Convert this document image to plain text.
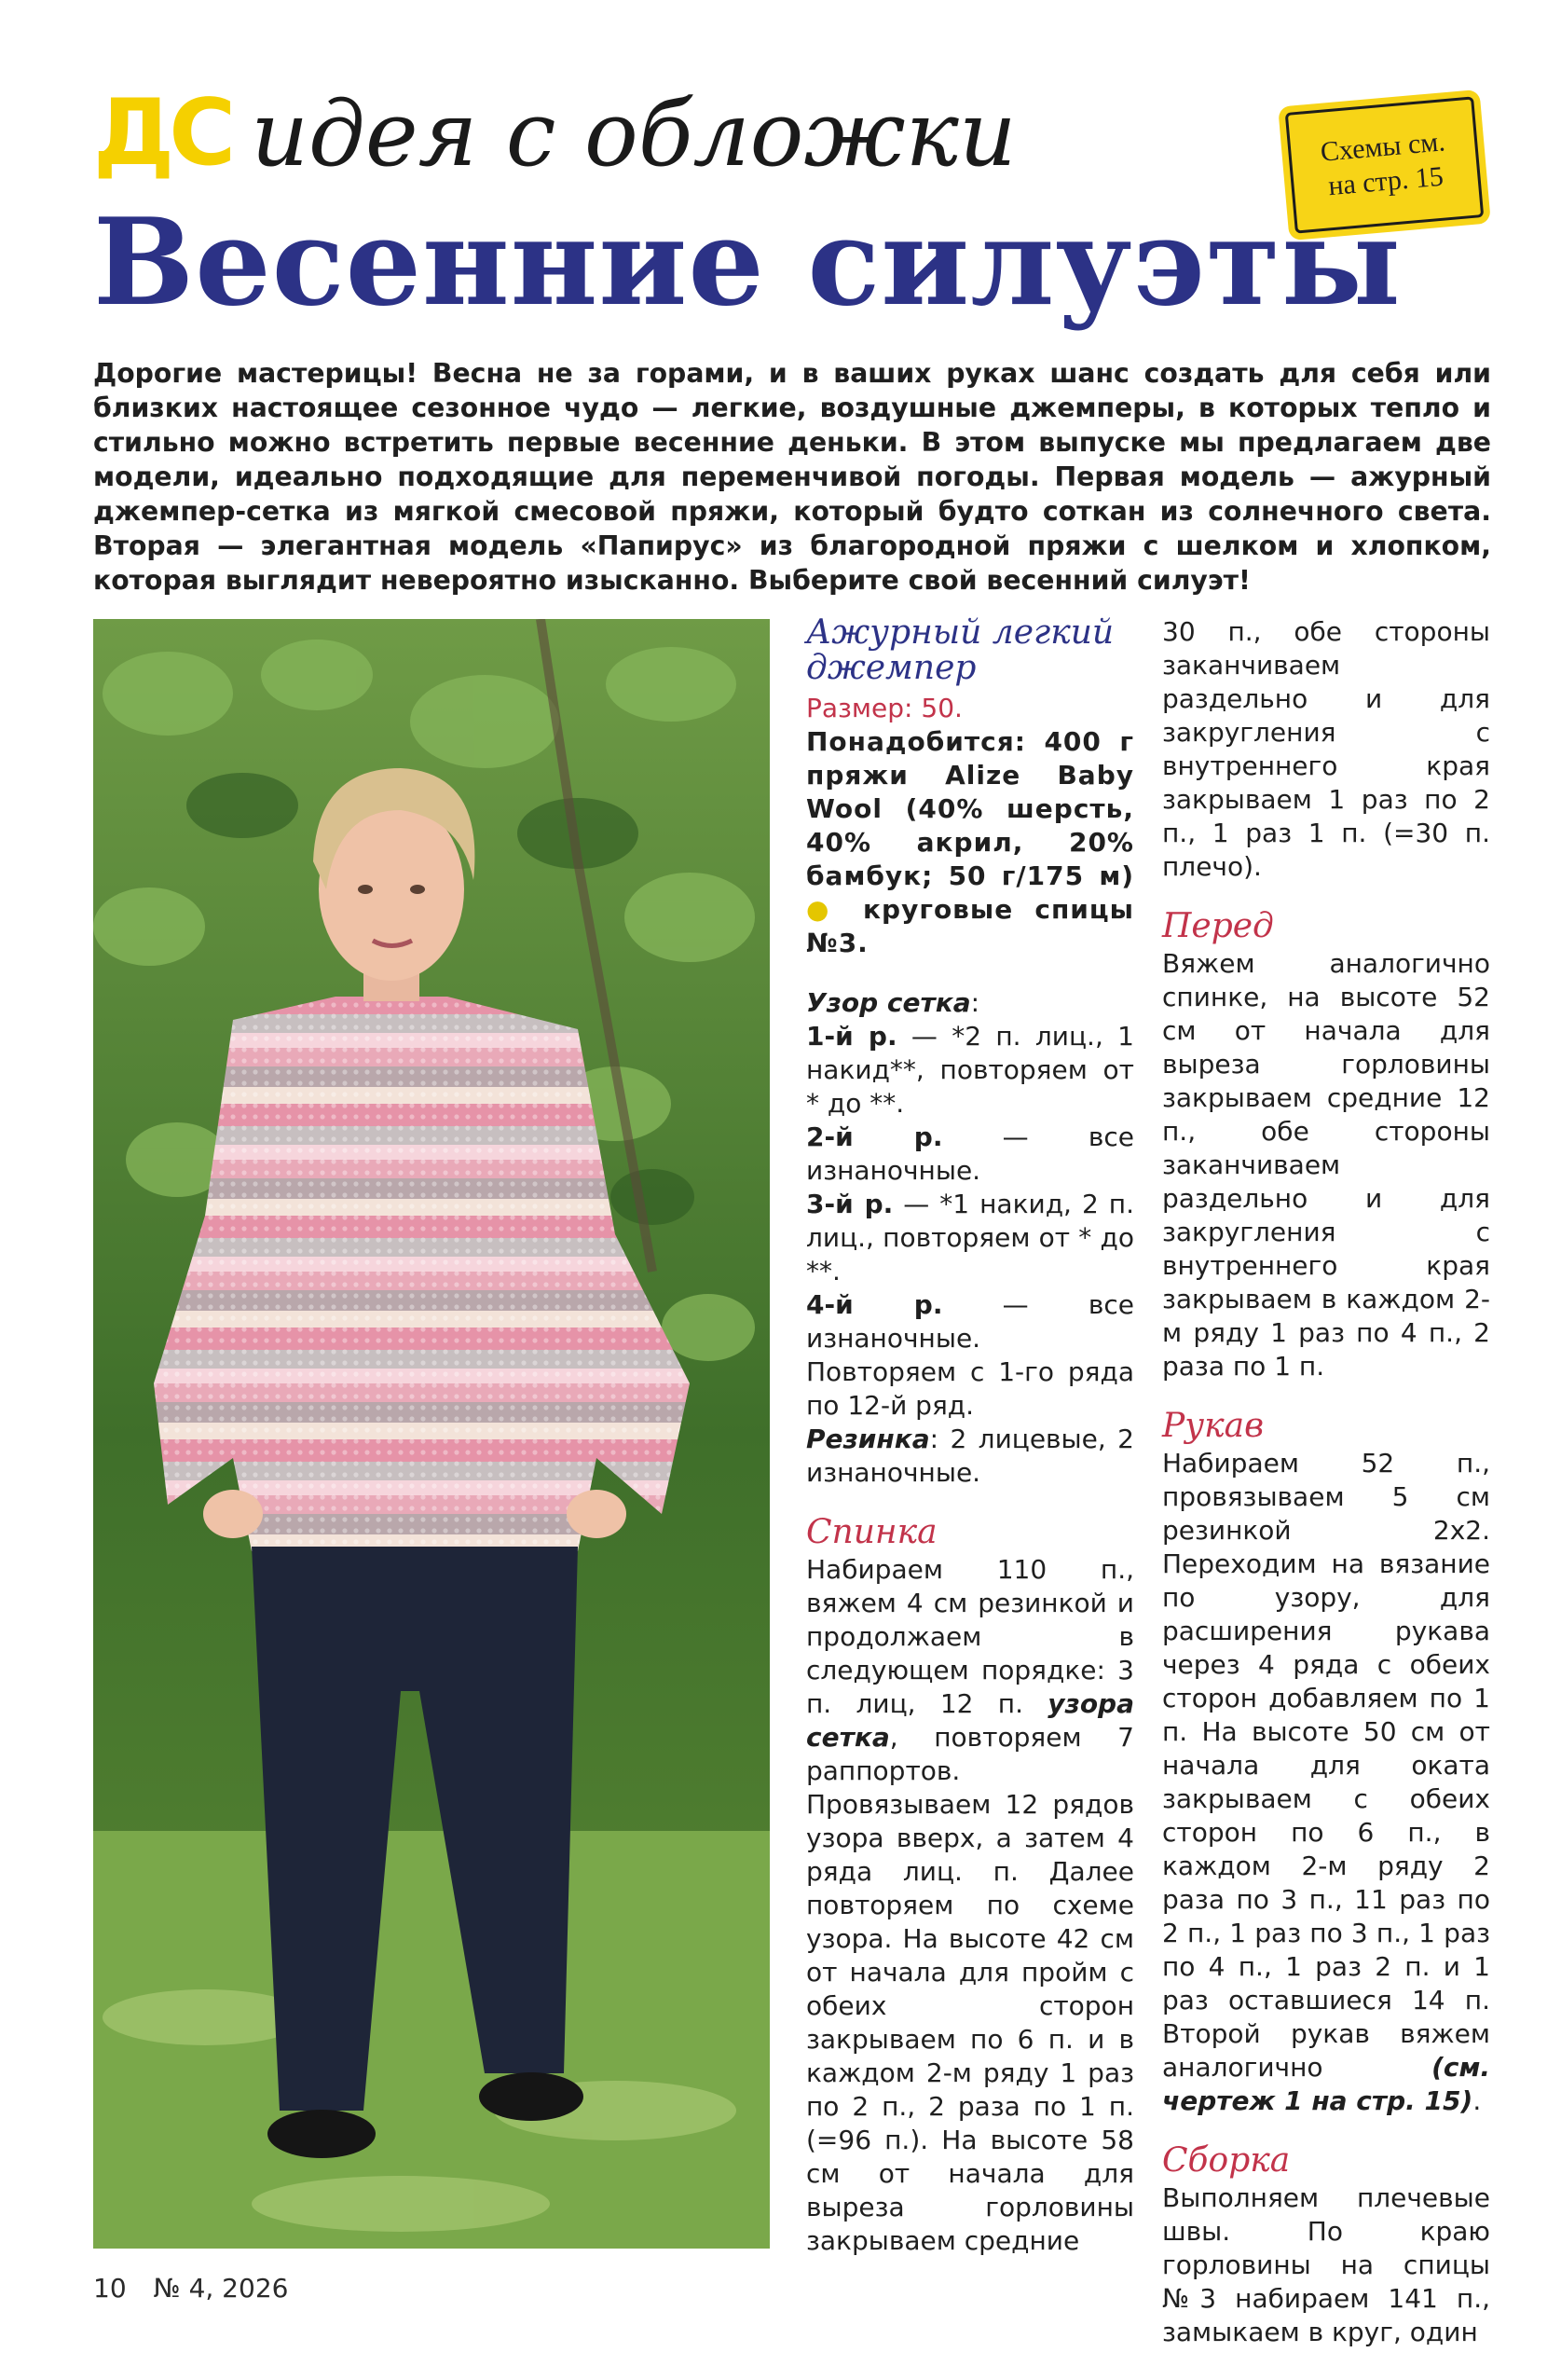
ДС идея с обложки	Схемы см.
на стр. 15
Весенние силуэты
Дорогие мастерицы! Весна не за горами, и в ваших руках шанс создать для себя или близких настоящее сезонное чудо — легкие, воздушные джемперы, в которых тепло и стильно можно встретить первые весенние деньки. В этом выпуске мы предлагаем две модели, идеально подходящие для переменчивой погоды. Первая модель — ажурный джемпер-сетка из мягкой смесовой пряжи, который будто соткан из солнечного света. Вторая — элегантная модель «Папирус» из благородной пряжи с шелком и хлопком, которая выглядит невероятно изысканно. Выберите свой весенний силуэт!
Ажурный легкий джемпер

Размер: 50.

Понадобится: 400 г пряжи Alize Baby Wool (40% шерсть, 40% акрил, 20% бамбук; 50 г/175 м) ● круговые спицы №3.

Узор сетка:

1-й р. — *2 п. лиц., 1 накид**, повторяем от * до **.

2-й р. — все изнаночные.

3-й р. — *1 накид, 2 п. лиц., повторяем от * до **.

4-й р. — все изнаночные.

Повторяем с 1-го ряда по 12-й ряд.

Резинка: 2 лицевые, 2 изнаночные.

Спинка

Набираем 110 п., вяжем 4 см резинкой и продолжаем в следующем порядке: 3 п. лиц, 12 п. узора сетка, повторяем 7 раппортов. Провязываем 12 рядов узора вверх, а затем 4 ряда лиц. п. Далее повторяем по схеме узора. На высоте 42 см от начала для пройм с обеих сторон закрываем по 6 п. и в каждом 2-м ряду 1 раз по 2 п., 2 раза по 1 п. (=96 п.). На высоте 58 см от начала для выреза горловины закрываем средние

30 п., обе стороны заканчиваем раздельно и для закругления с внутреннего края закрываем 1 раз по 2 п., 1 раз 1 п. (=30 п. плечо).

Перед

Вяжем аналогично спинке, на высоте 52 см от начала для выреза горловины закрываем средние 12 п., обе стороны заканчиваем раздельно и для закругления с внутреннего края закрываем в каждом 2-м ряду 1 раз по 4 п., 2 раза по 1 п.

Рукав

Набираем 52 п., провязываем 5 см резинкой 2х2. Переходим на вязание по узору, для расширения рукава через 4 ряда с обеих сторон добавляем по 1 п. На высоте 50 см от начала для оката закрываем с обеих сторон по 6 п., в каждом 2-м ряду 2 раза по 3 п., 11 раз по 2 п., 1 раз по 3 п., 1 раз по 4 п., 1 раз 2 п. и 1 раз оставшиеся 14 п. Второй рукав вяжем аналогично (см. чертеж 1 на стр. 15).

Сборка

Выполняем плечевые швы. По краю горловины на спицы №3 набираем 141 п., замыкаем в круг, один

10 № 4, 2026
